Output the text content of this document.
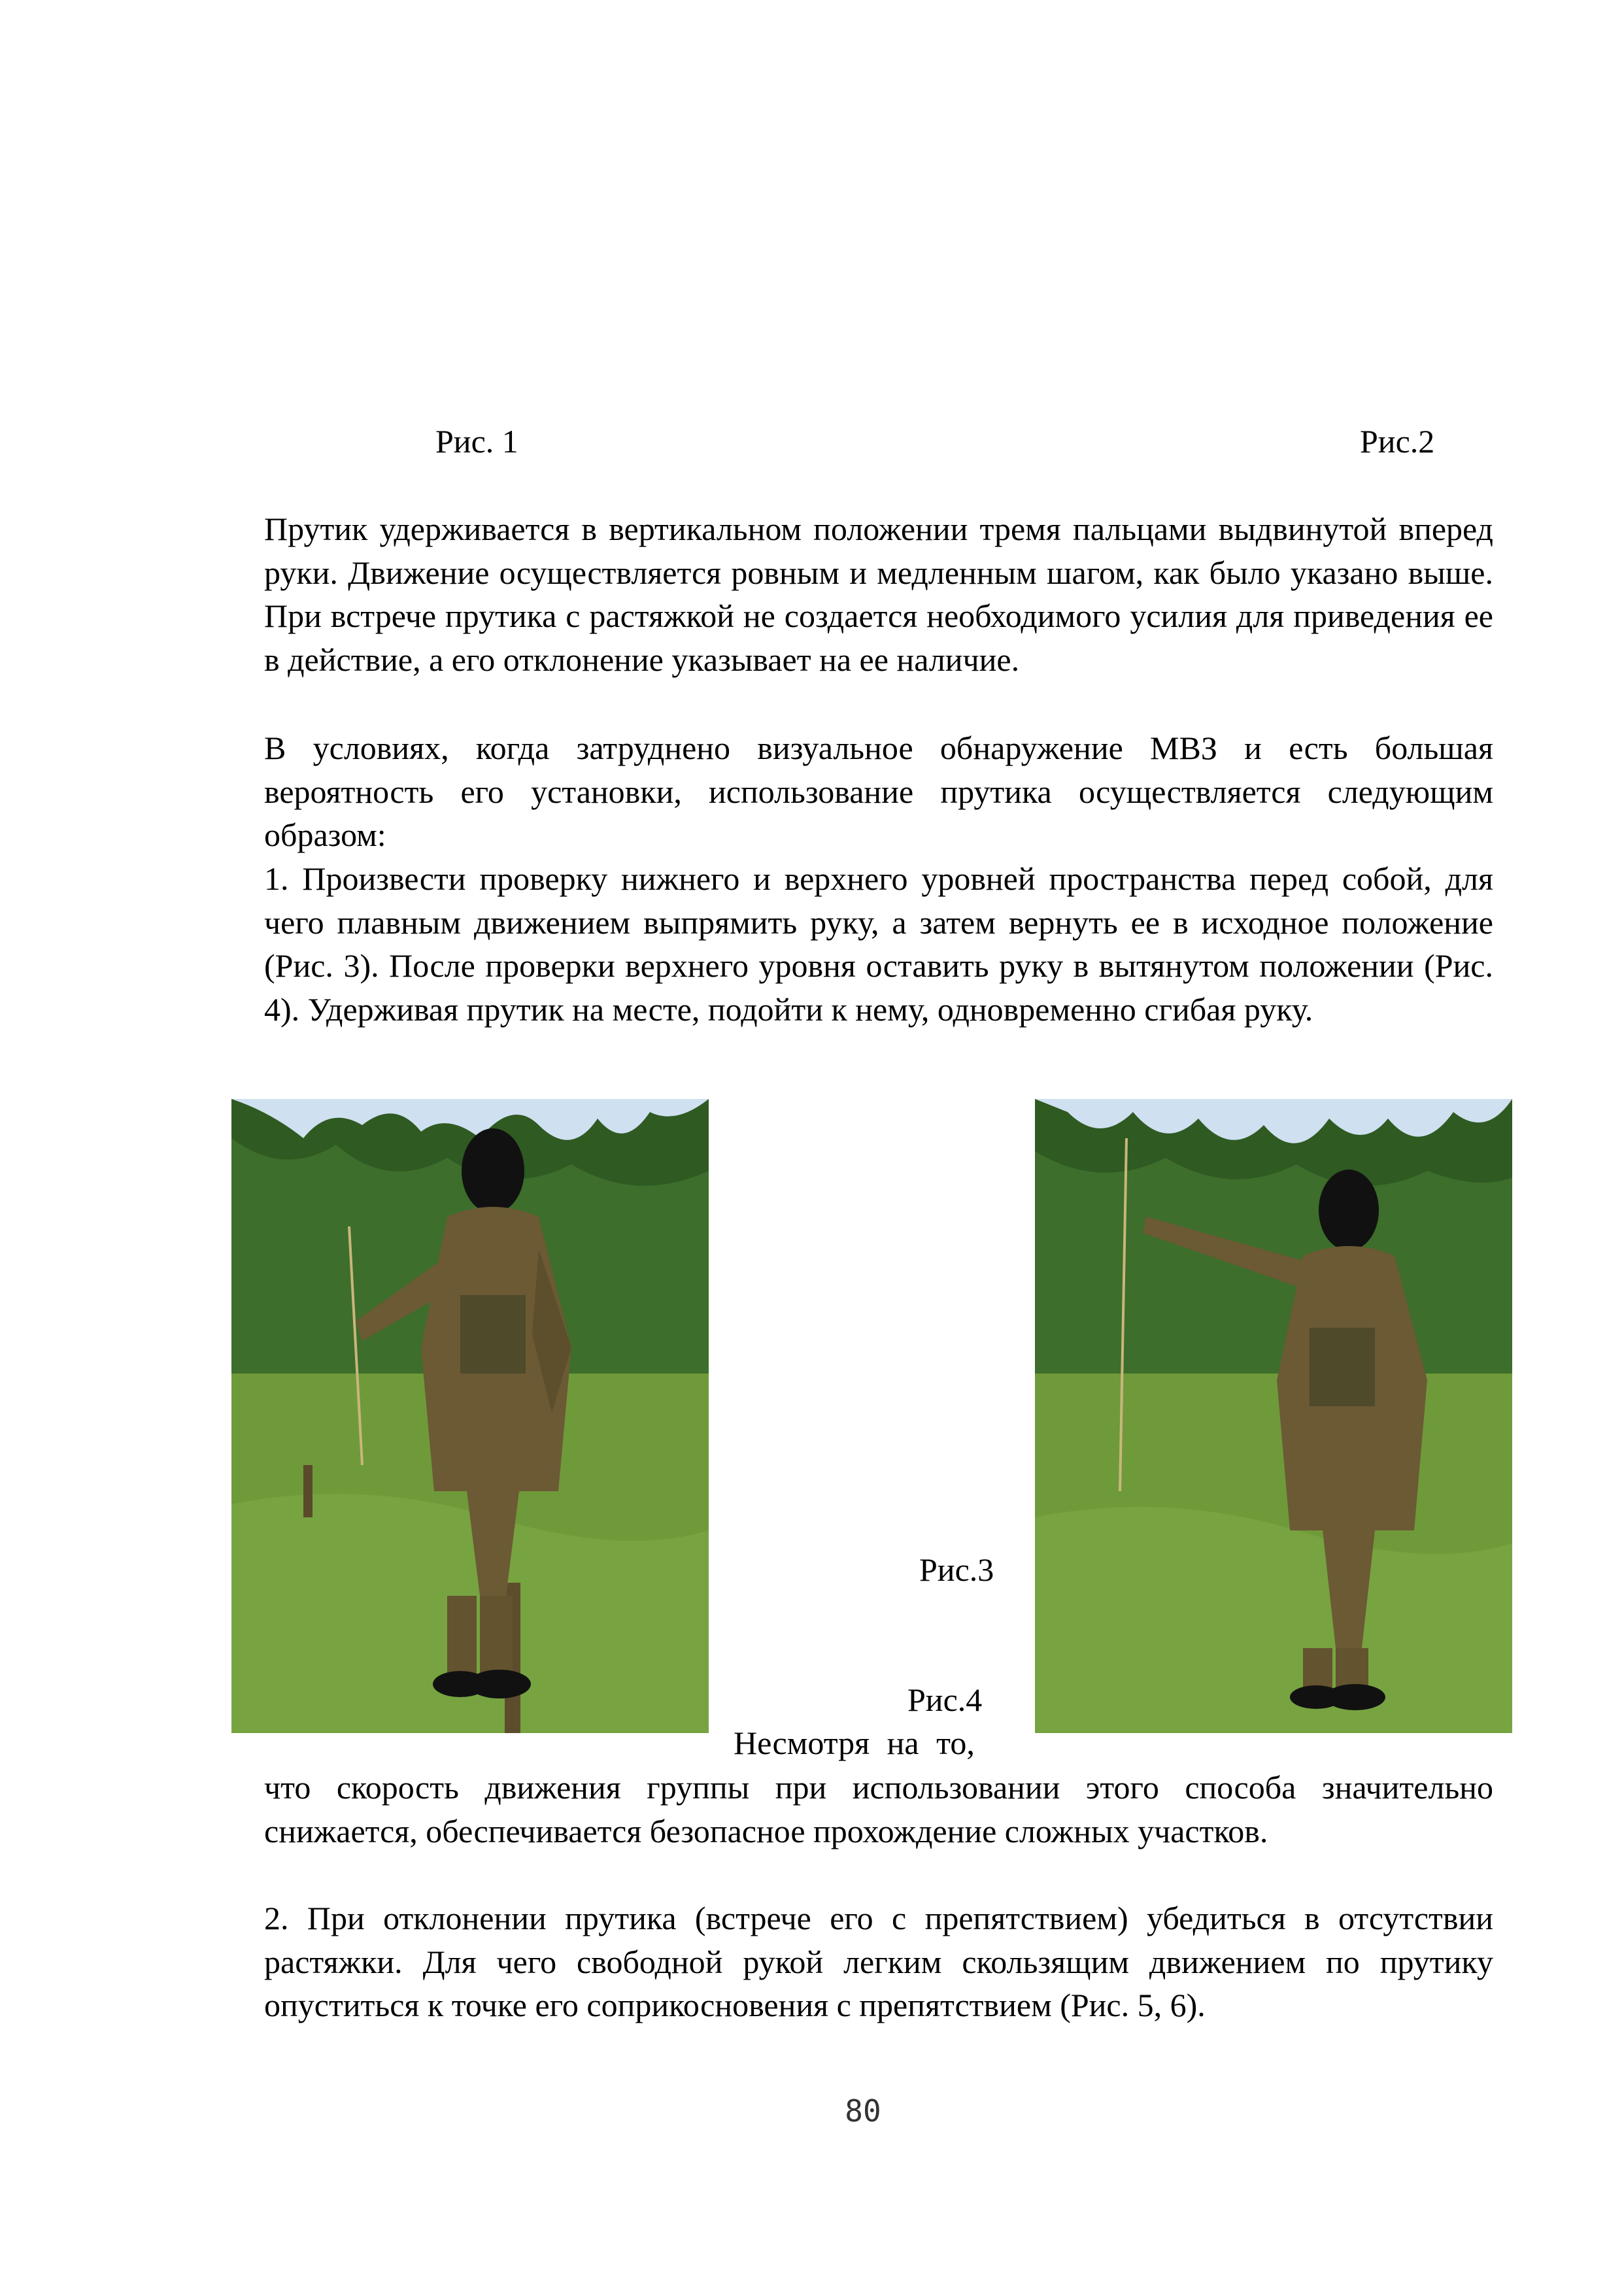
Рис. 1	Рис.2

Прутик удерживается в вертикальном положении тремя пальцами выдвинутой вперед руки. Движение осуществляется ровным и медленным шагом, как было указано выше. При встрече прутика с растяжкой не создается необходимого усилия для приведения ее в действие, а его отклонение указывает на ее наличие.

В условиях, когда затруднено визуальное обнаружение МВЗ и есть большая вероятность его установки, использование прутика осуществляется следующим образом:

1. Произвести проверку нижнего и верхнего уровней пространства перед собой, для чего плавным движением выпрямить руку, а затем вернуть ее в исходное положение (Рис. 3). После проверки верхнего уровня оставить руку в вытянутом положении (Рис. 4). Удерживая прутик на месте, подойти к нему, одновременно сгибая руку.

Рис.3
Рис.4
Несмотря на то,

что скорость движения группы при использовании этого способа значительно снижается, обеспечивается безопасное прохождение сложных участков.

2. При отклонении прутика (встрече его с препятствием) убедиться в отсутствии растяжки. Для чего свободной рукой легким скользящим движением по прутику опуститься к точке его соприкосновения с препятствием (Рис. 5, 6).

80
